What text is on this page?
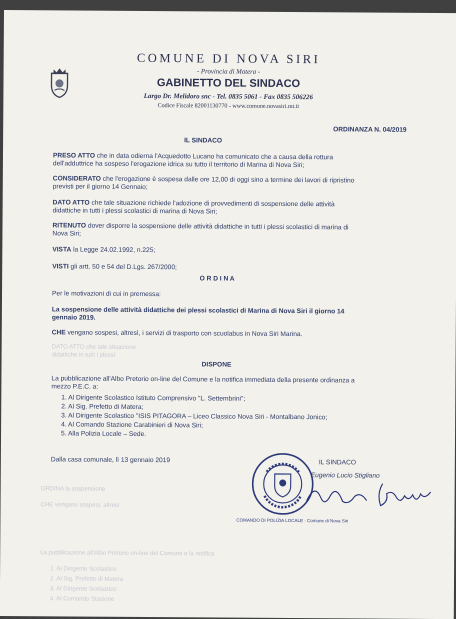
COMUNE DI NOVA SIRI
- Provincia di Matera -
GABINETTO DEL SINDACO
Largo Dr. Melidoro snc - Tel. 0835 5061 - Fax 0835 506226
Codice Fiscale 82001130770 - www.comune.novasiri.mt.it
ORDINANZA N. 04/2019
IL SINDACO
PRESO ATTO che in data odierna l'Acquedotto Lucano ha comunicato che a causa della rottura
dell'adduttrice ha sospeso l'erogazione idrica su tutto il territorio di Marina di Nova Siri;
CONSIDERATO che l'erogazione è sospesa dalle ore 12,00 di oggi sino a termine dei lavori di ripristino
previsti per il giorno 14 Gennaio;
DATO ATTO che tale situazione richiede l'adozione di provvedimenti di sospensione delle attività
didattiche in tutti i plessi scolastici di marina di Nova Siri;
RITENUTO dover disporre la sospensione delle attività didattiche in tutti i plessi scolastici di marina di
Nova Siri;
VISTA la Legge 24.02.1992, n.225;
VISTI gli artt. 50 e 54 del D.Lgs. 267/2000;
O R D I N A
Per le motivazioni di cui in premessa:
La sospensione delle attività didattiche dei plessi scolastici di Marina di Nova Siri il giorno 14
gennaio 2019.
CHE vengano sospesi, altresì, i servizi di trasporto con scuolabus in Nova Siri Marina.
DISPONE
La pubblicazione all'Albo Pretorio on-line del Comune e la notifica immediata della presente ordinanza a
mezzo P.E.C. a:
1. Al Dirigente Scolastico Istituto Comprensivo "L. Settembrini";
2. Al Sig. Prefetto di Matera;
3. Al Dirigente Scolastico "ISIS PITAGORA – Liceo Classico Nova Siri - Montalbano Jonico;
4. Al Comando Stazione Carabinieri di Nova Siri;
5. Alla Polizia Locale – Sede.
Dalla casa comunale, lì 13 gennaio 2019
COMANDO DI POLIZIA LOCALE · Comune di Nova Siri
IL SINDACO
Eugenio Lucio Stigliano
DATO ATTO che tale situazione
didattiche in tutti i plessi
ORDINA la sospensione
CHE vengano sospesi, altresì
La pubblicazione all'Albo Pretorio on-line del Comune e la notifica
1. Al Dirigente Scolastico
2. Al Sig. Prefetto di Matera
3. Al Dirigente Scolastico
4. Al Comando Stazione
